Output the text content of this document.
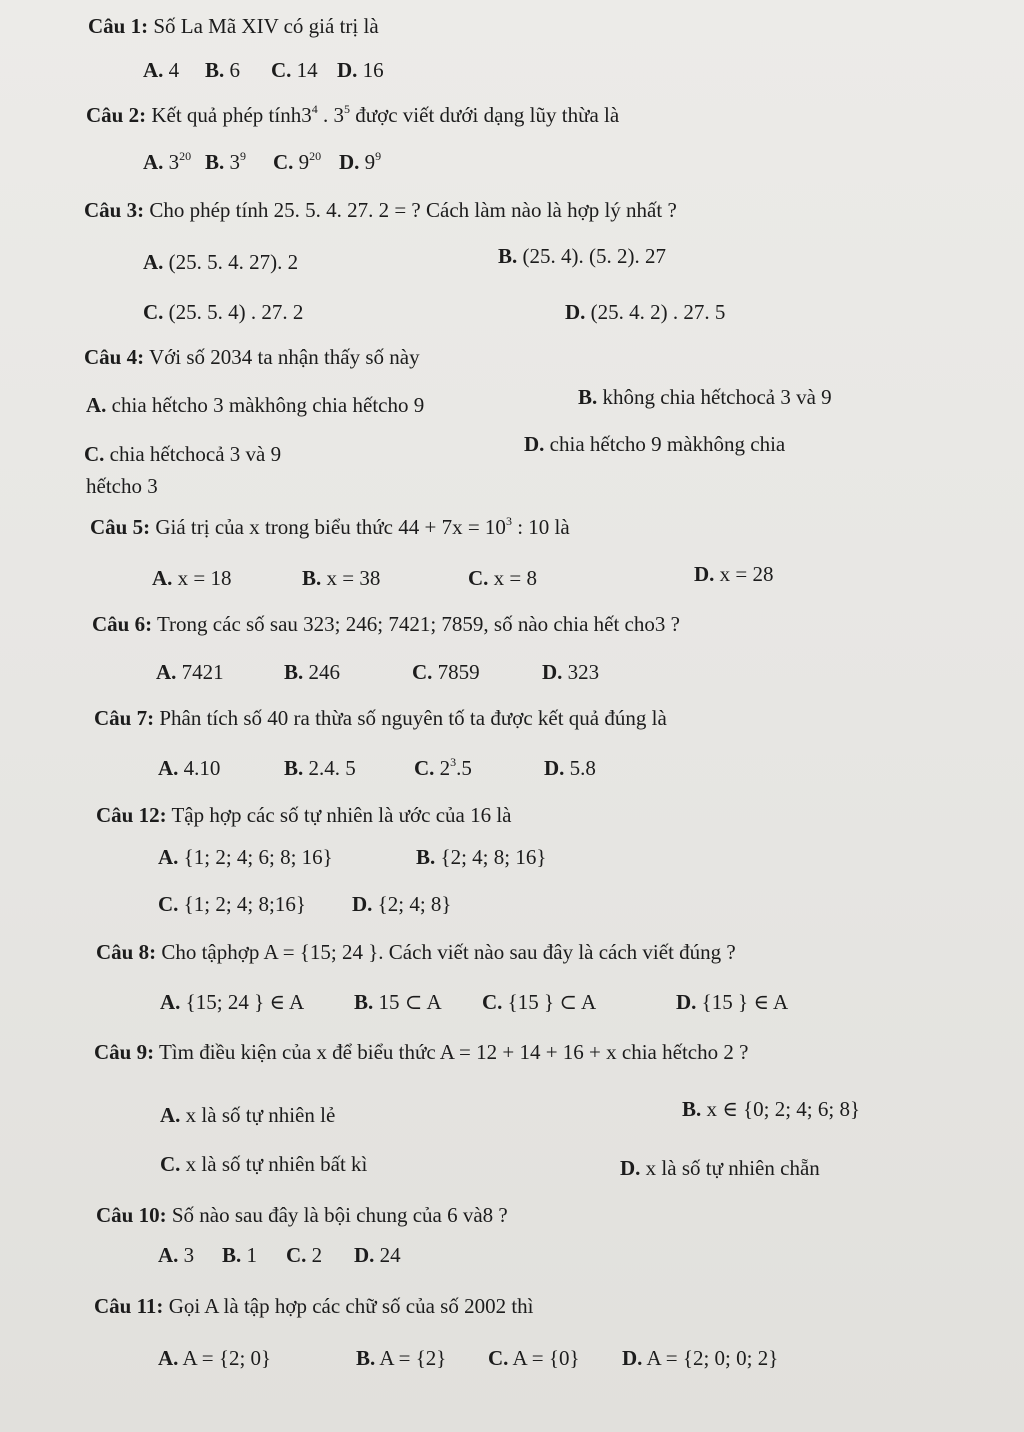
Câu 1: Số La Mã XIV có giá trị là
A. 4 B. 6 C. 14 D. 16
Câu 2: Kết quả phép $tính3^4$ . $3^5$ được viết dưới dạng lũy thừa là
A. $3^{20}$ B. $3^9$ C. $9^{20}$ D. $9^9$
Câu 3: Cho phép tính 25. 5. 4. 27. 2 = ? Cách làm nào là hợp lý nhất ?
A. (25. 5. 4. 27). 2	B. (25. 4). (5. 2). 27
C. (25. 5. 4) . 27. 2	D. (25. 4. 2) . 27. 5
Câu 4: Với số 2034 ta nhận thấy số này
A. chia hếtcho 3 màkhông chia hếtcho 9	B. không chia hếtchocả 3 và 9
C. chia hếtchocả 3 và 9	D. chia hếtcho 9 màkhông chia
hếtcho 3
Câu 5: Giá trị của x trong biểu thức $44 + 7x = 10^3$ : 10 là
A. x = 18	B. x = 38	C. x = 8	D. x = 28
Câu 6: Trong các số sau 323; 246; 7421; 7859, số nào chia hết cho3 ?
A. 7421	B. 246	C. 7859	D. 323
Câu 7: Phân tích số 40 ra thừa số nguyên tố ta được kết quả đúng là
A. 4.10	B. 2.4. 5	C. $2^3.5$	D. 5.8
Câu 12: Tập hợp các số tự nhiên là ước của 16 là
A. {1; 2; 4; 6; 8; 16}	B. {2; 4; 8; 16}
C. {1; 2; 4; 8;16} D. {2; 4; 8}
Câu 8: Cho tậphợp A = {15; 24 }. Cách viết nào sau đây là cách viết đúng ?
A. {15; 24 } ∈ A B. 15 ⊂ A C. {15 } ⊂ A	D. {15 } ∈ A
Câu 9: Tìm điều kiện của x để biểu thức A = 12 + 14 + 16 + x chia hếtcho 2 ?
A. x là số tự nhiên lẻ	B. x ∈ {0; 2; 4; 6; 8}
C. x là số tự nhiên bất kì	D. x là số tự nhiên chẵn
Câu 10: Số nào sau đây là bội chung của 6 và8 ?
A. 3 B. 1 C. 2 D. 24
Câu 11: Gọi A là tập hợp các chữ số của số 2002 thì
A. A = {2; 0}	B. A = {2} C. A = {0} D. A = {2; 0; 0; 2}
